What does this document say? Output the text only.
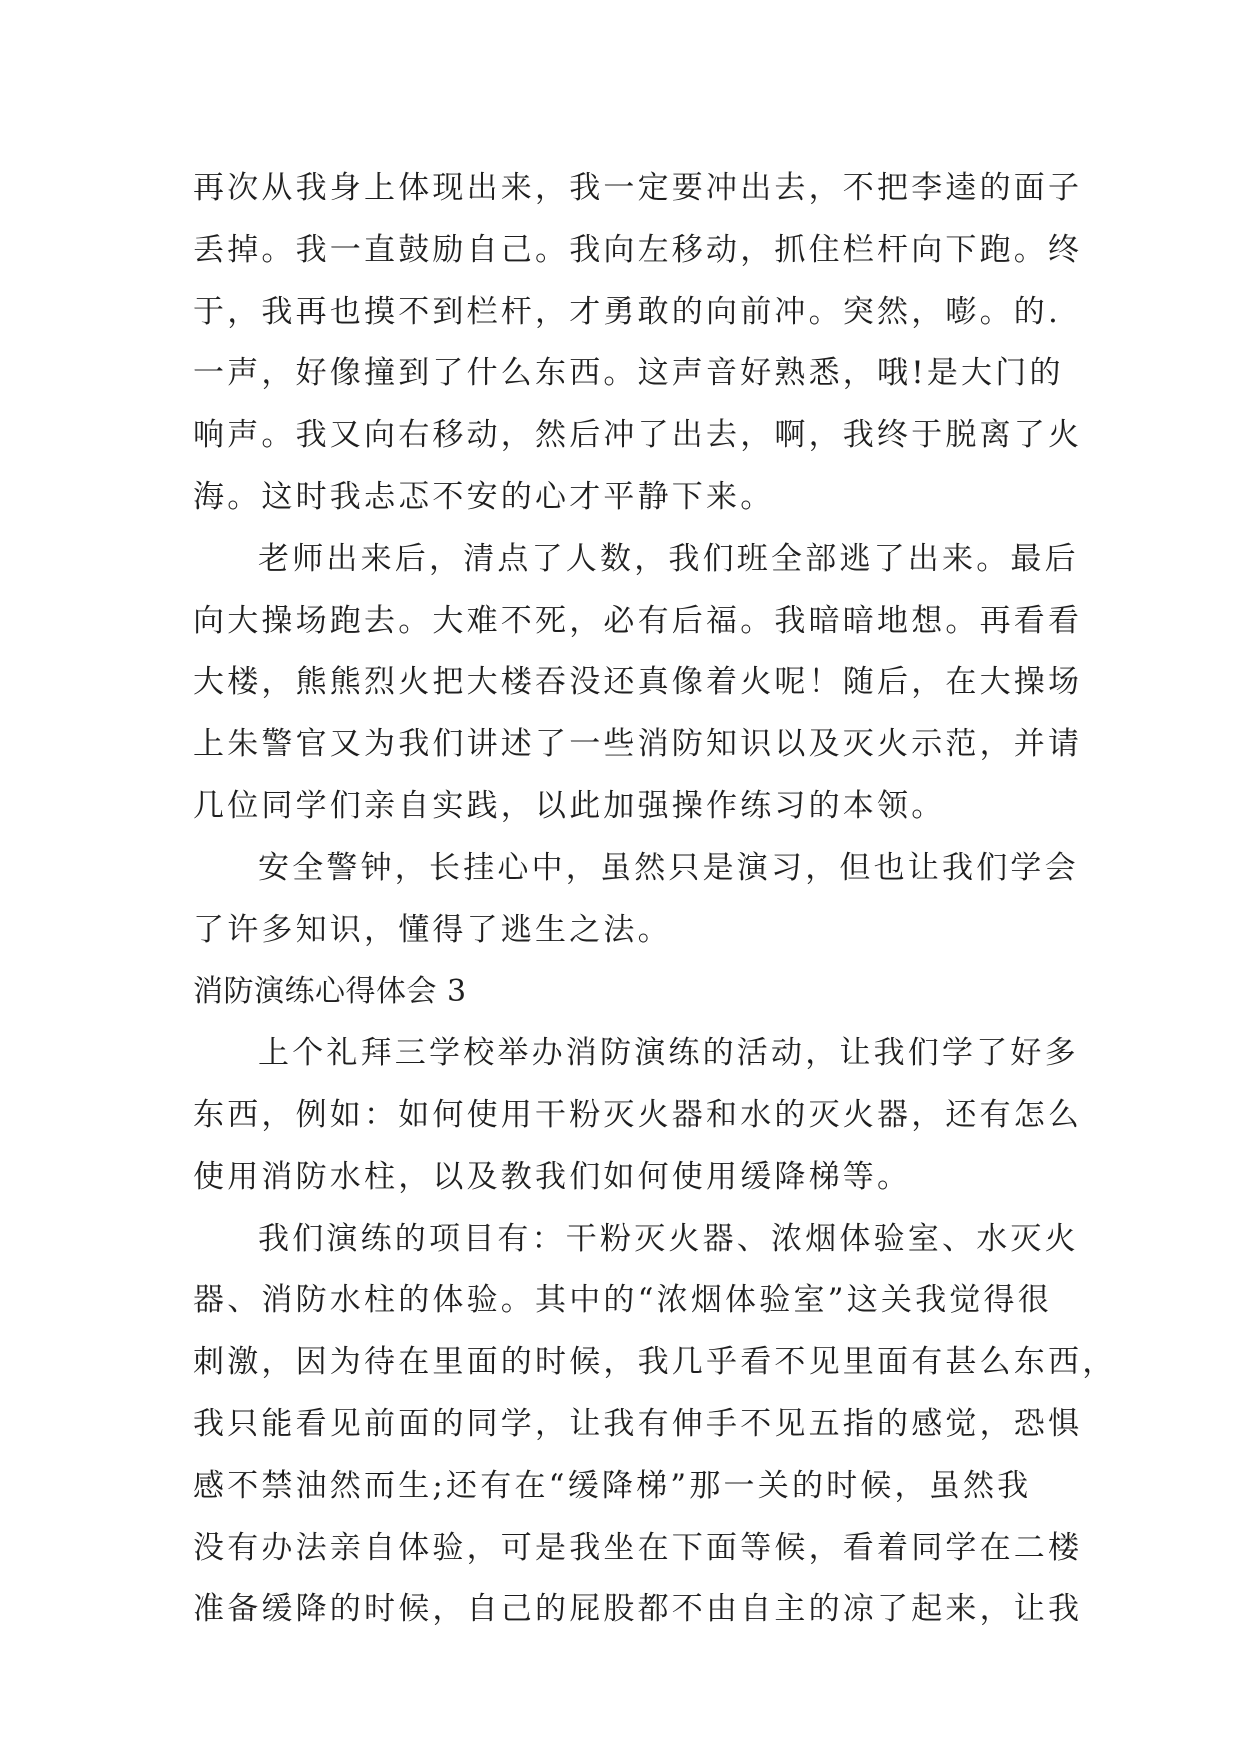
再次从我身上体现出来，我一定要冲出去，不把李逵的面子
丢掉。我一直鼓励自己。我向左移动，抓住栏杆向下跑。终
于，我再也摸不到栏杆，才勇敢的向前冲。突然，嘭。的.
一声，好像撞到了什么东西。这声音好熟悉，哦!是大门的
响声。我又向右移动，然后冲了出去，啊，我终于脱离了火
海。这时我忐忑不安的心才平静下来。
老师出来后，清点了人数，我们班全部逃了出来。最后
向大操场跑去。大难不死，必有后福。我暗暗地想。再看看
大楼，熊熊烈火把大楼吞没还真像着火呢！随后，在大操场
上朱警官又为我们讲述了一些消防知识以及灭火示范，并请
几位同学们亲自实践，以此加强操作练习的本领。
安全警钟，长挂心中，虽然只是演习，但也让我们学会
了许多知识，懂得了逃生之法。
消防演练心得体会 3
上个礼拜三学校举办消防演练的活动，让我们学了好多
东西，例如：如何使用干粉灭火器和水的灭火器，还有怎么
使用消防水柱，以及教我们如何使用缓降梯等。
我们演练的项目有：干粉灭火器、浓烟体验室、水灭火
器、消防水柱的体验。其中的“浓烟体验室”这关我觉得很
刺激，因为待在里面的时候，我几乎看不见里面有甚么东西，
我只能看见前面的同学，让我有伸手不见五指的感觉，恐惧
感不禁油然而生;还有在“缓降梯”那一关的时候，虽然我
没有办法亲自体验，可是我坐在下面等候，看着同学在二楼
准备缓降的时候，自己的屁股都不由自主的凉了起来，让我
